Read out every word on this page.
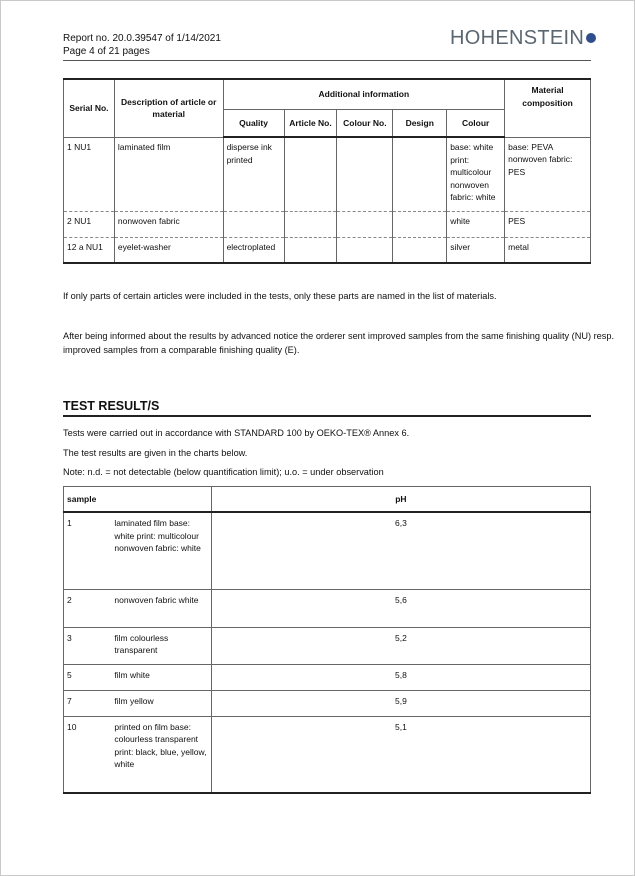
Report no. 20.0.39547 of 1/14/2021
Page 4 of 21 pages
HOHENSTEIN
Serial No.	Description of article or material	Additional information					Material composition
		Quality	Article No.	Colour No.	Design	Colour	
1 NU1	laminated film	disperse ink printed				base: white print: multicolour nonwoven fabric: white	base: PEVA nonwoven fabric: PES
2 NU1	nonwoven fabric					white	PES
12 a NU1	eyelet-washer	electroplated				silver	metal
If only parts of certain articles were included in the tests, only these parts are named in the list of materials.
After being informed about the results by advanced notice the orderer sent improved samples from the same finishing quality (NU) resp. improved samples from a comparable finishing quality (E).
TEST RESULT/S
Tests were carried out in accordance with STANDARD 100 by OEKO-TEX® Annex 6.
The test results are given in the charts below.
Note: n.d. = not detectable (below quantification limit); u.o. = under observation
sample		pH
1	laminated film base: white print: multicolour nonwoven fabric: white	6,3
2	nonwoven fabric white	5,6
3	film colourless transparent	5,2
5	film white	5,8
7	film yellow	5,9
10	printed on film base: colourless transparent print: black, blue, yellow, white	5,1
